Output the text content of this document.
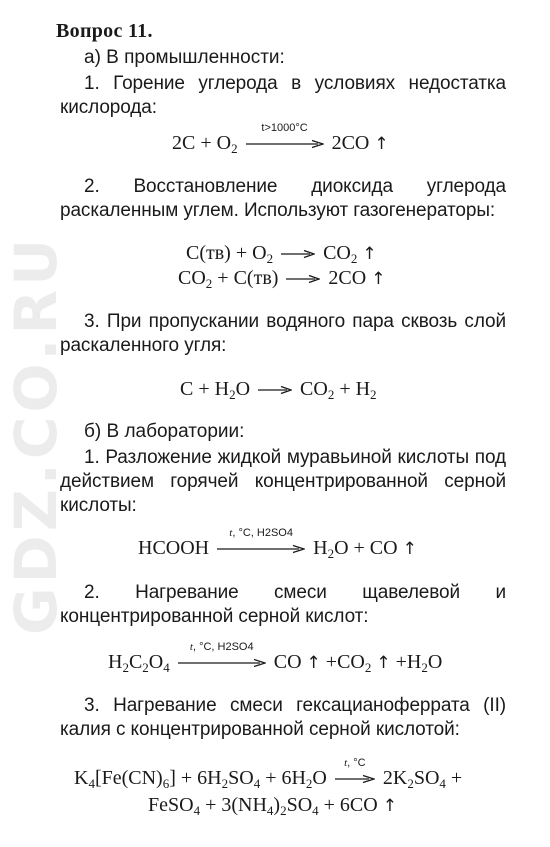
GDZ.CO.RU
Вопрос 11.
а) В промышленности:
1. Горение углерода в условиях недостатка кислорода:
$2C + O_2$
t>1000°C
2CO ↑
2. Восстановление диоксида углерода раскаленным углем. Используют газогенераторы:
$C(тв) + O_2 \to CO_2$ ↑
$CO_2 + C(тв) \to 2CO$ ↑
3. При пропускании водяного пара сквозь слой раскаленного угля:
$C + H_2O \to CO_2 + H_2$
б) В лаборатории:
1. Разложение жидкой муравьиной кислоты под действием горячей концентрированной серной кислоты:
HCOOH
t, °C, H2SO4
$H_2O$ + CO ↑
2. Нагревание смеси щавелевой и концентрированной серной кислот:
$H_2C_2O_4$
t, °C, H2SO4
CO ↑ $+CO_2$ ↑ $+H_2O$
3. Нагревание смеси гексацианоферрата (II) калия с концентрированной серной кислотой:
$K_4[Fe(CN)_6] + 6H_2SO_4 + 6H_2O$
t, °C
$2K_2SO_4$ +
FeSO$_4$ + $3(NH_4)_2SO_4 + 6CO$ ↑
